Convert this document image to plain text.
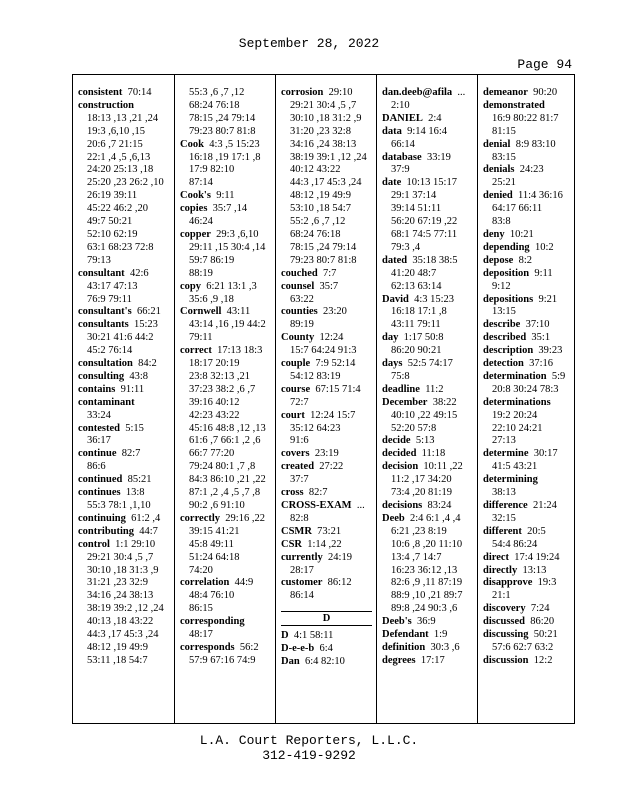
September 28, 2022
Page 94
consistent 70:14
construction
18:13 ,13 ,21 ,24
19:3 ,6,10 ,15
20:6 ,7 21:15
22:1 ,4 ,5 ,6,13
24:20 25:13 ,18
25:20 ,23 26:2 ,10
26:19 39:11
45:22 46:2 ,20
49:7 50:21
52:10 62:19
63:1 68:23 72:8
79:13
consultant 42:6
43:17 47:13
76:9 79:11
consultant's 66:21
consultants 15:23
30:21 41:6 44:2
45:2 76:14
consultation 84:2
consulting 43:8
contains 91:11
contaminant
33:24
contested 5:15
36:17
continue 82:7
86:6
continued 85:21
continues 13:8
55:3 78:1 ,1,10
continuing 61:2 ,4
contributing 44:7
control 1:1 29:10
29:21 30:4 ,5 ,7
30:10 ,18 31:3 ,9
31:21 ,23 32:9
34:16 ,24 38:13
38:19 39:2 ,12 ,24
40:13 ,18 43:22
44:3 ,17 45:3 ,24
48:12 ,19 49:9
53:11 ,18 54:7
55:3 ,6 ,7 ,12
68:24 76:18
78:15 ,24 79:14
79:23 80:7 81:8
Cook 4:3 ,5 15:23
16:18 ,19 17:1 ,8
17:9 82:10
87:14
Cook's 9:11
copies 35:7 ,14
46:24
copper 29:3 ,6,10
29:11 ,15 30:4 ,14
59:7 86:19
88:19
copy 6:21 13:1 ,3
35:6 ,9 ,18
Cornwell 43:11
43:14 ,16 ,19 44:2
79:11
correct 17:13 18:3
18:17 20:19
23:8 32:13 ,21
37:23 38:2 ,6 ,7
39:16 40:12
42:23 43:22
45:16 48:8 ,12 ,13
61:6 ,7 66:1 ,2 ,6
66:7 77:20
79:24 80:1 ,7 ,8
84:3 86:10 ,21 ,22
87:1 ,2 ,4 ,5 ,7 ,8
90:2 ,6 91:10
correctly 29:16 ,22
39:15 41:21
45:8 49:11
51:24 64:18
74:20
correlation 44:9
48:4 76:10
86:15
corresponding
48:17
corresponds 56:2
57:9 67:16 74:9
corrosion 29:10
29:21 30:4 ,5 ,7
30:10 ,18 31:2 ,9
31:20 ,23 32:8
34:16 ,24 38:13
38:19 39:1 ,12 ,24
40:12 43:22
44:3 ,17 45:3 ,24
48:12 ,19 49:9
53:10 ,18 54:7
55:2 ,6 ,7 ,12
68:24 76:18
78:15 ,24 79:14
79:23 80:7 81:8
couched 7:7
counsel 35:7
63:22
counties 23:20
89:19
County 12:24
15:7 64:24 91:3
couple 7:9 52:14
54:12 83:19
course 67:15 71:4
72:7
court 12:24 15:7
35:12 64:23
91:6
covers 23:19
created 27:22
37:7
cross 82:7
CROSS-EXAM ...
82:8
CSMR 73:21
CSR 1:14 ,22
currently 24:19
28:17
customer 86:12
86:14
D
D 4:1 58:11
D-e-e-b 6:4
Dan 6:4 82:10
dan.deeb@afila ...
2:10
DANIEL 2:4
data 9:14 16:4
66:14
database 33:19
37:9
date 10:13 15:17
29:1 37:14
39:14 51:11
56:20 67:19 ,22
68:1 74:5 77:11
79:3 ,4
dated 35:18 38:5
41:20 48:7
62:13 63:14
David 4:3 15:23
16:18 17:1 ,8
43:11 79:11
day 1:17 50:8
86:20 90:21
days 52:5 74:17
75:8
deadline 11:2
December 38:22
40:10 ,22 49:15
52:20 57:8
decide 5:13
decided 11:18
decision 10:11 ,22
11:2 ,17 34:20
73:4 ,20 81:19
decisions 83:24
Deeb 2:4 6:1 ,4 ,4
6:21 ,23 8:19
10:6 ,8 ,20 11:10
13:4 ,7 14:7
16:23 36:12 ,13
82:6 ,9 ,11 87:19
88:9 ,10 ,21 89:7
89:8 ,24 90:3 ,6
Deeb's 36:9
Defendant 1:9
definition 30:3 ,6
degrees 17:17
demeanor 90:20
demonstrated
16:9 80:22 81:7
81:15
denial 8:9 83:10
83:15
denials 24:23
25:21
denied 11:4 36:16
64:17 66:11
83:8
deny 10:21
depending 10:2
depose 8:2
deposition 9:11
9:12
depositions 9:21
13:15
describe 37:10
described 35:1
description 39:23
detection 37:16
determination 5:9
20:8 30:24 78:3
determinations
19:2 20:24
22:10 24:21
27:13
determine 30:17
41:5 43:21
determining
38:13
difference 21:24
32:15
different 20:5
54:4 86:24
direct 17:4 19:24
directly 13:13
disapprove 19:3
21:1
discovery 7:24
discussed 86:20
discussing 50:21
57:6 62:7 63:2
discussion 12:2
L.A. Court Reporters, L.L.C.
312-419-9292
